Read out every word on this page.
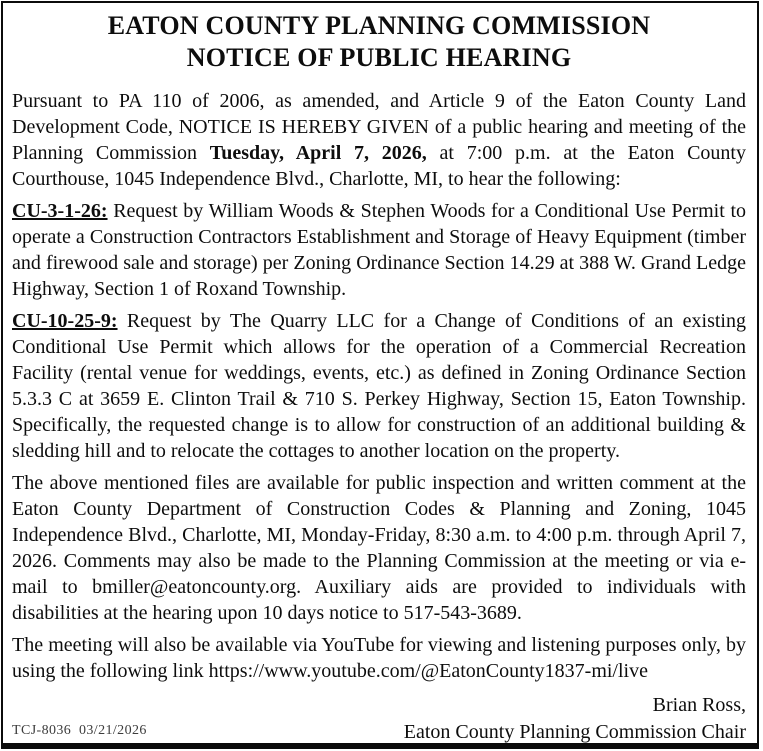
EATON COUNTY PLANNING COMMISSION
NOTICE OF PUBLIC HEARING

Pursuant to PA 110 of 2006, as amended, and Article 9 of the Eaton County Land Development Code, NOTICE IS HEREBY GIVEN of a public hearing and meeting of the Planning Commission Tuesday, April 7, 2026, at 7:00 p.m. at the Eaton County Courthouse, 1045 Independence Blvd., Charlotte, MI, to hear the following:

CU-3-1-26: Request by William Woods & Stephen Woods for a Conditional Use Permit to operate a Construction Contractors Establishment and Storage of Heavy Equipment (timber and firewood sale and storage) per Zoning Ordinance Section 14.29 at 388 W. Grand Ledge Highway, Section 1 of Roxand Township.

CU-10-25-9: Request by The Quarry LLC for a Change of Conditions of an existing Conditional Use Permit which allows for the operation of a Commercial Recreation Facility (rental venue for weddings, events, etc.) as defined in Zoning Ordinance Section 5.3.3 C at 3659 E. Clinton Trail & 710 S. Perkey Highway, Section 15, Eaton Township. Specifically, the requested change is to allow for construction of an additional building & sledding hill and to relocate the cottages to another location on the property.

The above mentioned files are available for public inspection and written comment at the Eaton County Department of Construction Codes & Planning and Zoning, 1045 Independence Blvd., Charlotte, MI, Monday-Friday, 8:30 a.m. to 4:00 p.m. through April 7, 2026. Comments may also be made to the Planning Commission at the meeting or via e-mail to bmiller@eatoncounty.org. Auxiliary aids are provided to individuals with disabilities at the hearing upon 10 days notice to 517-543-3689.

The meeting will also be available via YouTube for viewing and listening purposes only, by using the following link https://www.youtube.com/@EatonCounty1837-mi/live

Brian Ross,
Eaton County Planning Commission Chair
TCJ-8036  03/21/2026
